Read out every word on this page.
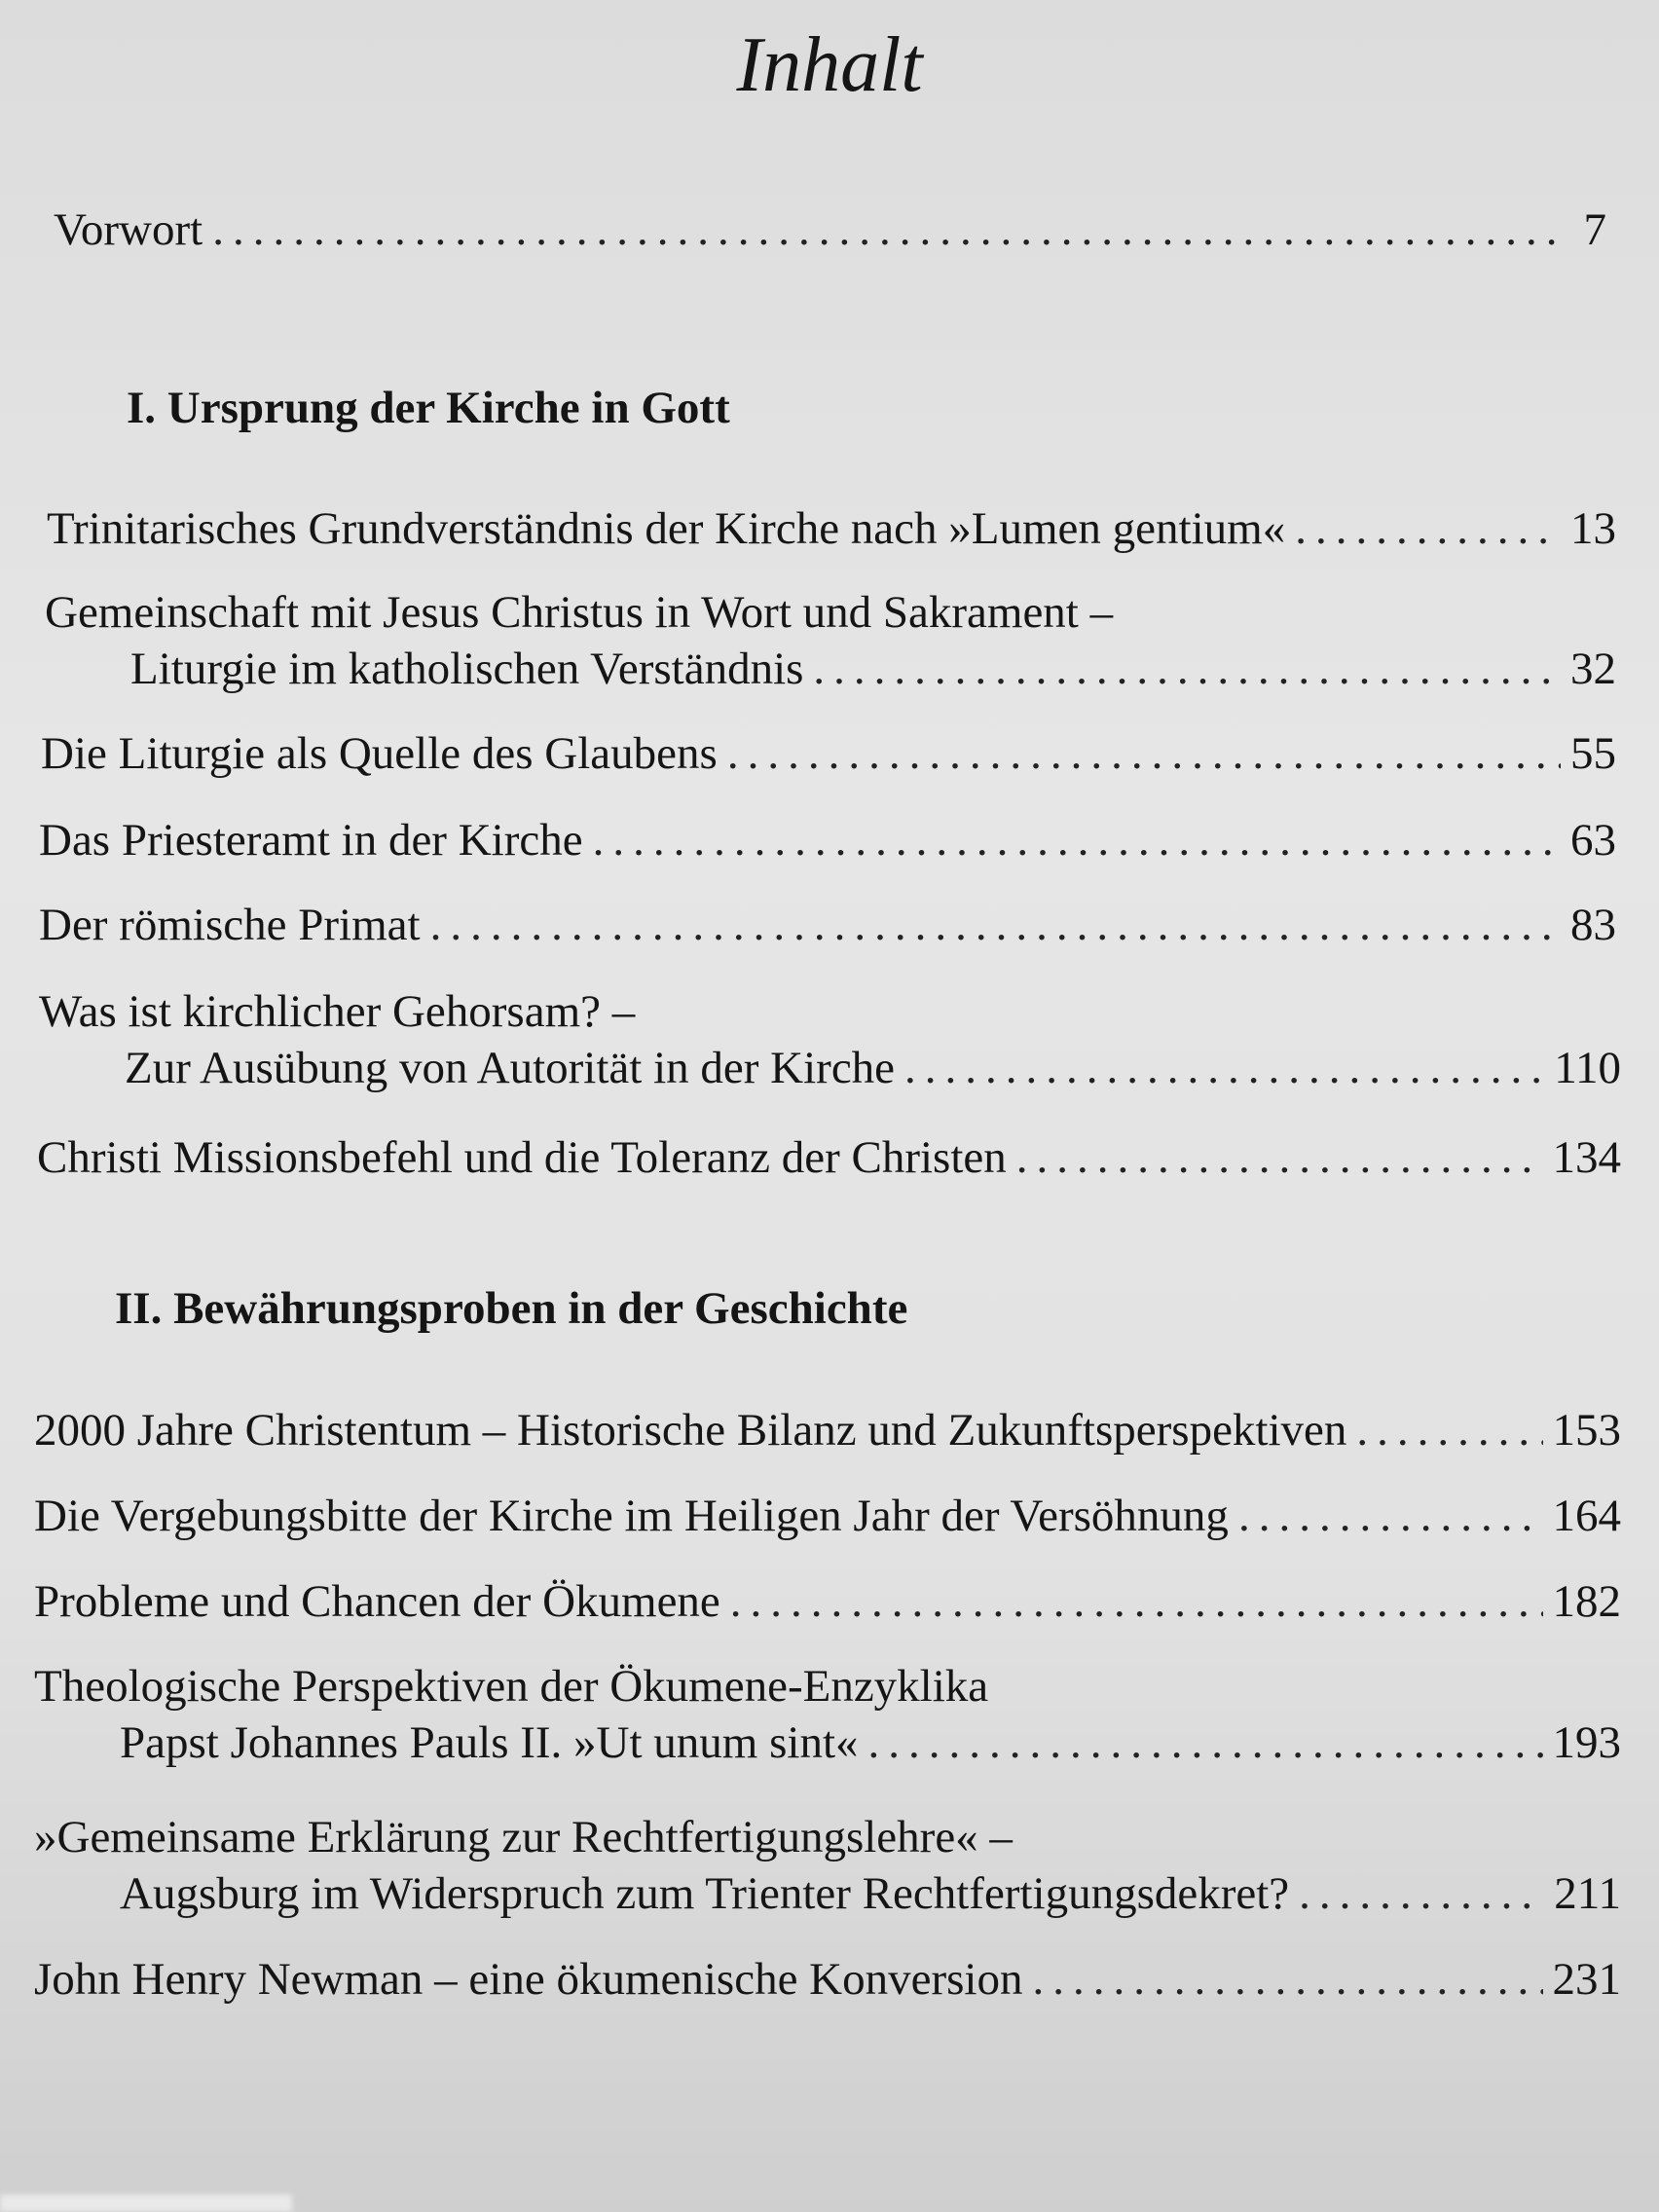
Inhalt
Vorwort .....	7
I. Ursprung der Kirche in Gott
Trinitarisches Grundverständnis der Kirche nach »Lumen gentium« .....	13
Gemeinschaft mit Jesus Christus in Wort und Sakrament –
Liturgie im katholischen Verständnis .....	32
Die Liturgie als Quelle des Glaubens .....	55
Das Priesteramt in der Kirche .....	63
Der römische Primat .....	83
Was ist kirchlicher Gehorsam? –
Zur Ausübung von Autorität in der Kirche .....	110
Christi Missionsbefehl und die Toleranz der Christen .....	134
II. Bewährungsproben in der Geschichte
2000 Jahre Christentum – Historische Bilanz und Zukunftsperspektiven .....	153
Die Vergebungsbitte der Kirche im Heiligen Jahr der Versöhnung .....	164
Probleme und Chancen der Ökumene .....	182
Theologische Perspektiven der Ökumene-Enzyklika
Papst Johannes Pauls II. »Ut unum sint« .....	193
»Gemeinsame Erklärung zur Rechtfertigungslehre« –
Augsburg im Widerspruch zum Trienter Rechtfertigungsdekret? .....	211
John Henry Newman – eine ökumenische Konversion .....	231
